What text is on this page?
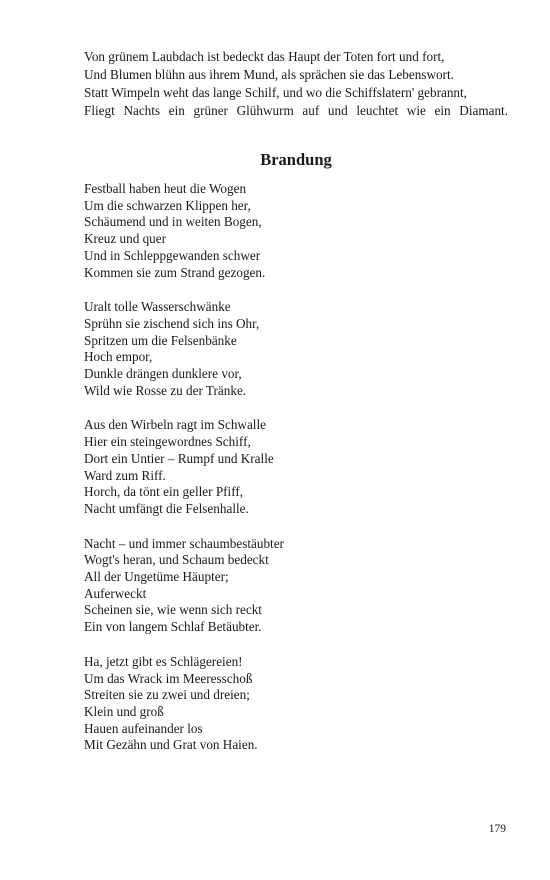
Von grünem Laubdach ist bedeckt das Haupt der Toten fort und fort,

Und Blumen blühn aus ihrem Mund, als sprächen sie das Lebenswort.

Statt Wimpeln weht das lange Schilf, und wo die Schiffslatern' gebrannt,

Fliegt Nachts ein grüner Glühwurm auf und leuchtet wie ein Diamant.

Brandung
Festball haben heut die Wogen
Um die schwarzen Klippen her,
Schäumend und in weiten Bogen,
Kreuz und quer
Und in Schleppgewanden schwer
Kommen sie zum Strand gezogen.
Uralt tolle Wasserschwänke
Sprühn sie zischend sich ins Ohr,
Spritzen um die Felsenbänke
Hoch empor,
Dunkle drängen dunklere vor,
Wild wie Rosse zu der Tränke.
Aus den Wirbeln ragt im Schwalle
Hier ein steingewordnes Schiff,
Dort ein Untier – Rumpf und Kralle
Ward zum Riff.
Horch, da tönt ein geller Pfiff,
Nacht umfängt die Felsenhalle.
Nacht – und immer schaumbestäubter
Wogt's heran, und Schaum bedeckt
All der Ungetüme Häupter;
Auferweckt
Scheinen sie, wie wenn sich reckt
Ein von langem Schlaf Betäubter.
Ha, jetzt gibt es Schlägereien!
Um das Wrack im Meeresschoß
Streiten sie zu zwei und dreien;
Klein und groß
Hauen aufeinander los
Mit Gezähn und Grat von Haien.
179
